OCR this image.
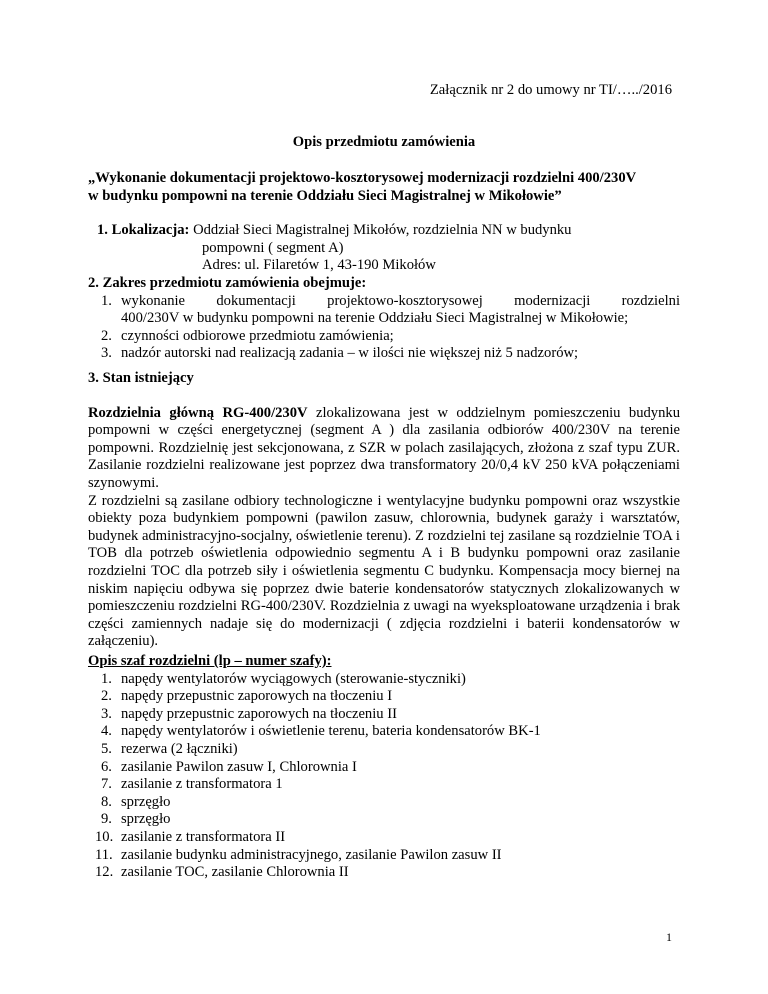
Załącznik nr 2 do umowy nr TI/…../2016
Opis przedmiotu zamówienia
„Wykonanie dokumentacji projektowo-kosztorysowej modernizacji rozdzielni 400/230V
w budynku pompowni na terenie Oddziału Sieci Magistralnej w Mikołowie”
1. Lokalizacja: Oddział Sieci Magistralnej Mikołów, rozdzielnia NN w budynku
pompowni ( segment A)
Adres: ul. Filaretów 1, 43-190 Mikołów
2. Zakres przedmiotu zamówienia obejmuje:
1. wykonanie dokumentacji projektowo-kosztorysowej modernizacji rozdzielni
400/230V w budynku pompowni na terenie Oddziału Sieci Magistralnej w Mikołowie;
2. czynności odbiorowe przedmiotu zamówienia;
3. nadzór autorski nad realizacją zadania – w ilości nie większej niż 5 nadzorów;
3. Stan istniejący
Rozdzielnia główną RG-400/230V zlokalizowana jest w oddzielnym pomieszczeniu budynku pompowni w części energetycznej (segment A ) dla zasilania odbiorów 400/230V na terenie pompowni. Rozdzielnię jest sekcjonowana, z SZR w polach zasilających, złożona z szaf typu ZUR. Zasilanie rozdzielni realizowane jest poprzez dwa transformatory 20/0,4 kV 250 kVA połączeniami szynowymi.
Z rozdzielni są zasilane odbiory technologiczne i wentylacyjne budynku pompowni oraz wszystkie obiekty poza budynkiem pompowni (pawilon zasuw, chlorownia, budynek garaży i warsztatów, budynek administracyjno-socjalny, oświetlenie terenu). Z rozdzielni tej zasilane są rozdzielnie TOA i TOB dla potrzeb oświetlenia odpowiednio segmentu A i B budynku pompowni oraz zasilanie rozdzielni TOC dla potrzeb siły i oświetlenia segmentu C budynku. Kompensacja mocy biernej na niskim napięciu odbywa się poprzez dwie baterie kondensatorów statycznych zlokalizowanych w pomieszczeniu rozdzielni RG-400/230V. Rozdzielnia z uwagi na wyeksploatowane urządzenia i brak części zamiennych nadaje się do modernizacji ( zdjęcia rozdzielni i baterii kondensatorów w załączeniu).
Opis szaf rozdzielni (lp – numer szafy):
1. napędy wentylatorów wyciągowych (sterowanie-styczniki)
2. napędy przepustnic zaporowych na tłoczeniu I
3. napędy przepustnic zaporowych na tłoczeniu II
4. napędy wentylatorów i oświetlenie terenu, bateria kondensatorów BK-1
5. rezerwa (2 łączniki)
6. zasilanie Pawilon zasuw I, Chlorownia I
7. zasilanie z transformatora 1
8. sprzęgło
9. sprzęgło
10. zasilanie z transformatora II
11. zasilanie budynku administracyjnego, zasilanie Pawilon zasuw II
12. zasilanie TOC, zasilanie Chlorownia II
1
